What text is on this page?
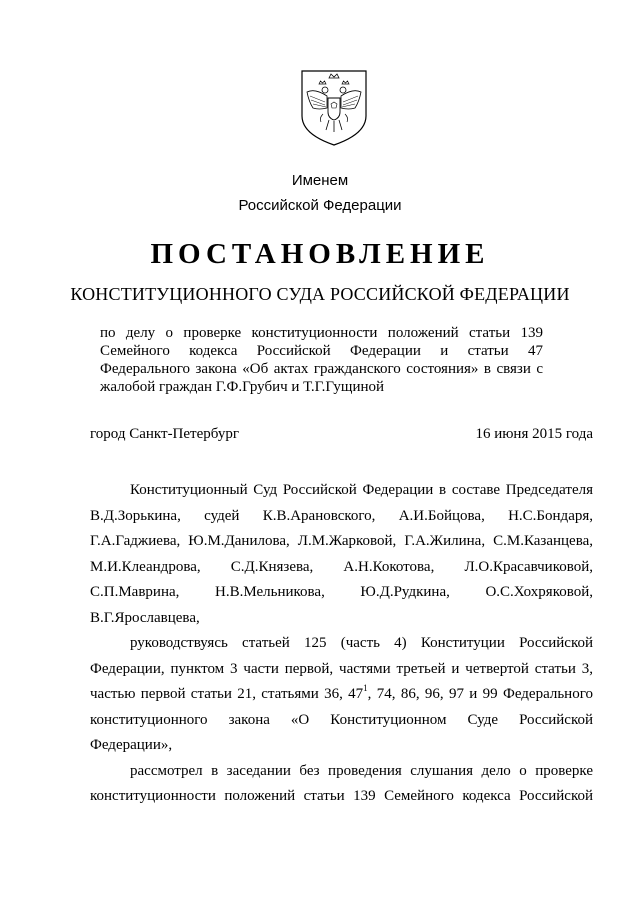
Именем
Российской Федерации
ПОСТАНОВЛЕНИЕ
КОНСТИТУЦИОННОГО СУДА РОССИЙСКОЙ ФЕДЕРАЦИИ
по делу о проверке конституционности положений статьи 139
Семейного кодекса Российской Федерации и статьи 47
Федерального закона «Об актах гражданского состояния» в связи с
жалобой граждан Г.Ф.Грубич и Т.Г.Гущиной
город Санкт-Петербург	16 июня 2015 года
Конституционный Суд Российской Федерации в составе Председателя
В.Д.Зорькина, судей К.В.Арановского, А.И.Бойцова, Н.С.Бондаря,
Г.А.Гаджиева, Ю.М.Данилова, Л.М.Жарковой, Г.А.Жилина, С.М.Казанцева,
М.И.Клеандрова, С.Д.Князева, А.Н.Кокотова, Л.О.Красавчиковой,
С.П.Маврина, Н.В.Мельникова, Ю.Д.Рудкина, О.С.Хохряковой,
В.Г.Ярославцева,
руководствуясь статьей 125 (часть 4) Конституции Российской
Федерации, пунктом 3 части первой, частями третьей и четвертой статьи 3,
частью первой статьи 21, статьями 36, $47^1$, 74, 86, 96, 97 и 99 Федерального
конституционного закона «О Конституционном Суде Российской
Федерации»,
рассмотрел в заседании без проведения слушания дело о проверке
конституционности положений статьи 139 Семейного кодекса Российской
